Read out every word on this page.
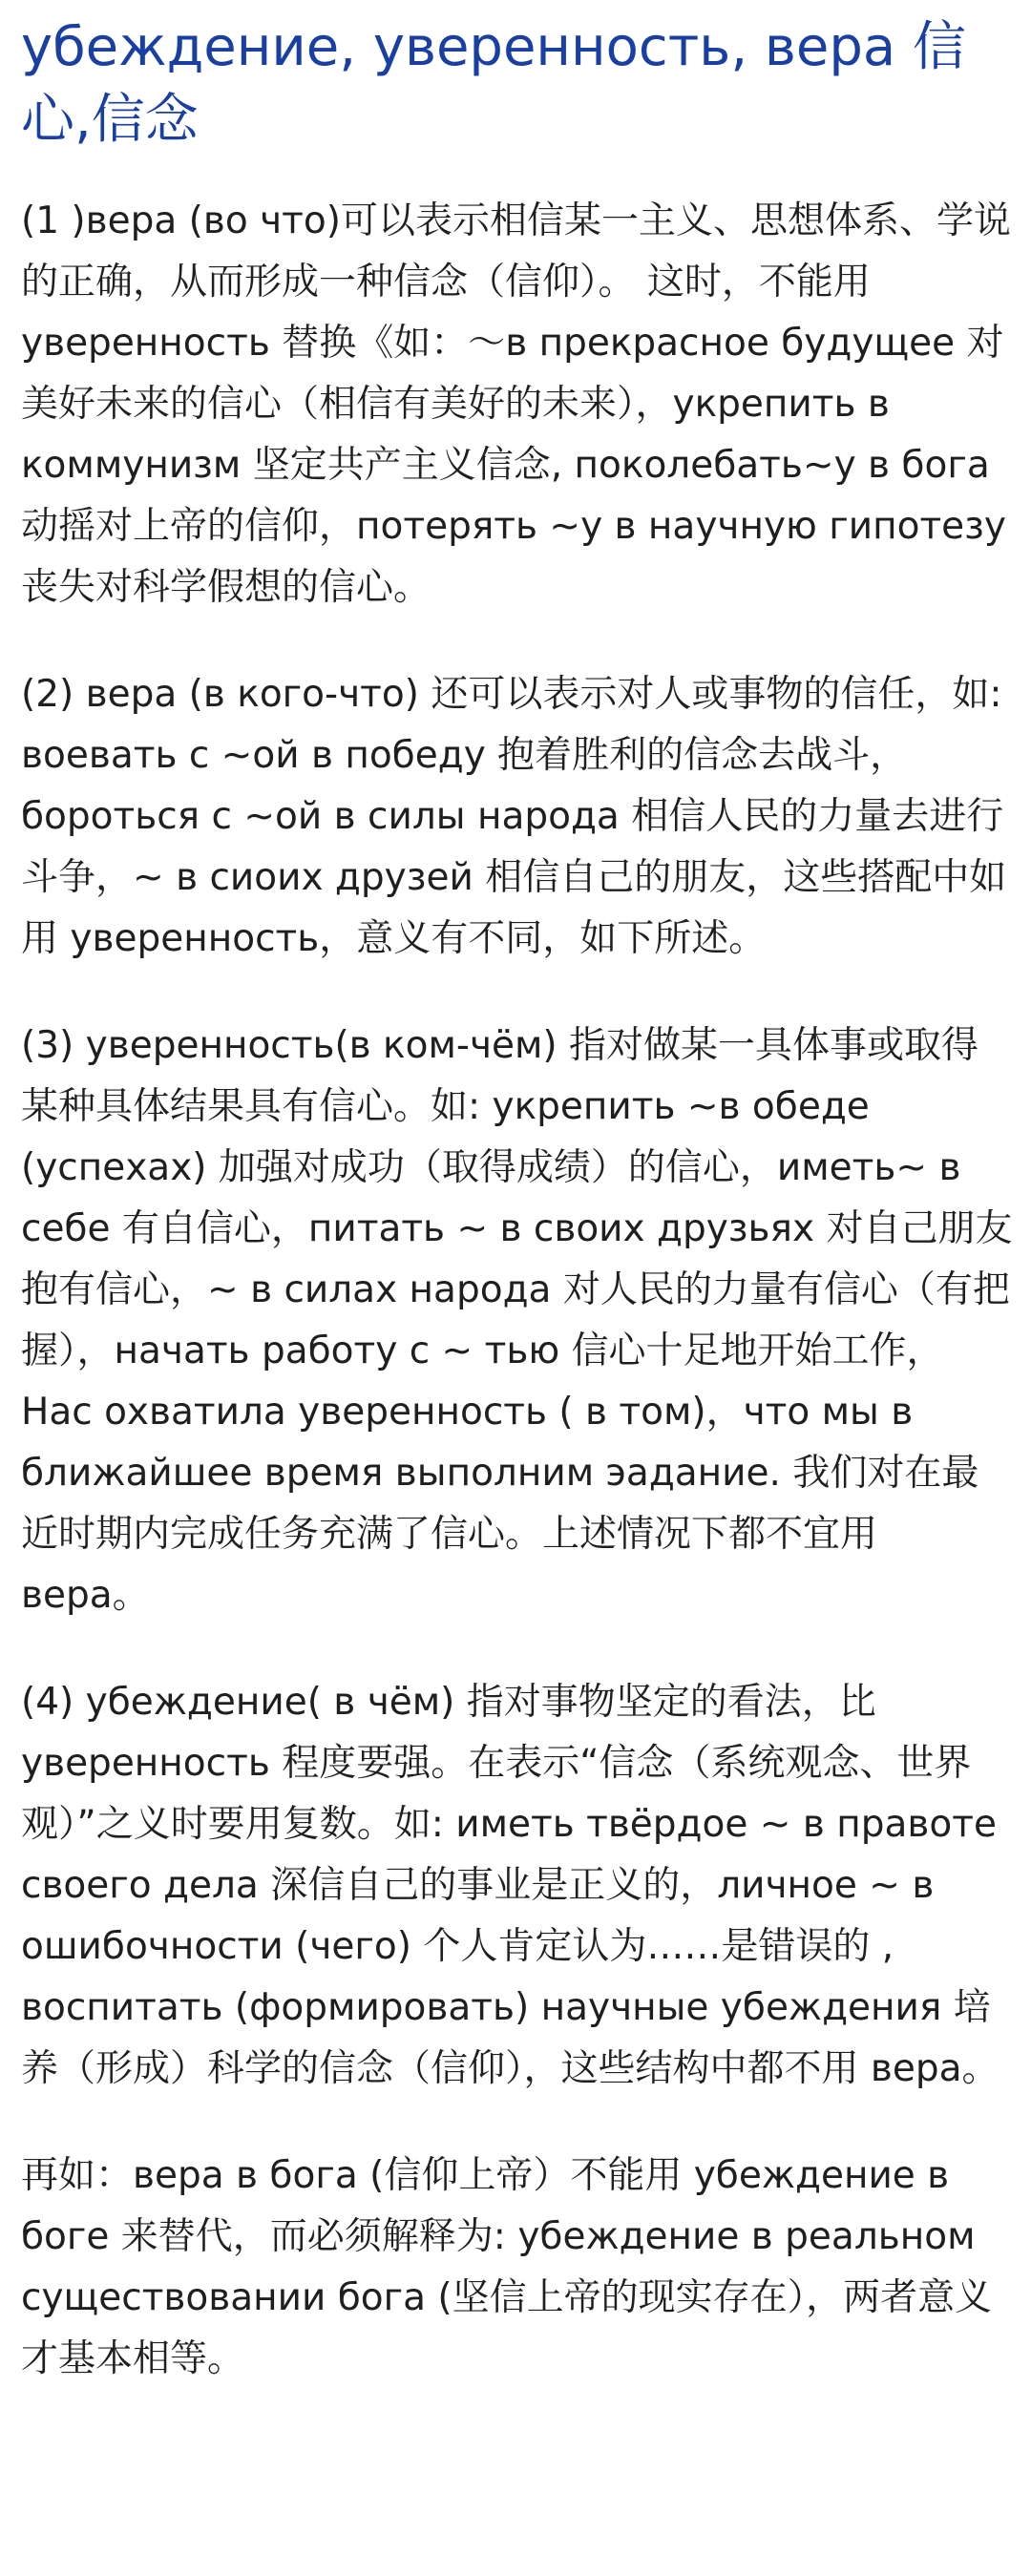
убеждение, уверенность, вера 信心,信念

(1 )вера (во что)可以表示相信某一主义、思想体系、学说的正确，从而形成一种信念（信仰）。 这时，不能用 уверенность 替换《如：～в прекрасное будущее 对美好未来的信心（相信有美好的未来），укрепить в коммунизм 坚定共产主义信念, поколебать~у в бога 动摇对上帝的信仰，потерять ~у в научную гипотезу 丧失对科学假想的信心。

(2) вера (в кого-что) 还可以表示对人或事物的信任，如: воевать с ~ой в победу 抱着胜利的信念去战斗，бороться с ~ой в силы народа 相信人民的力量去进行斗争，~ в сиоих друзей 相信自己的朋友，这些搭配中如用 уверенность，意义有不同，如下所述。

(3) уверенность(в ком-чём) 指对做某一具体事或取得某种具体结果具有信心。如: укрепить ~в обеде (успехах) 加强对成功（取得成绩）的信心，иметь~ в себе 有自信心，питать ~ в своих друзьях 对自己朋友抱有信心，~ в силах народа 对人民的力量有信心（有把握），начать работу с ~ тью 信心十足地开始工作， Нас охватила уверенность ( в том)，что мы в ближайшее время выполним эадание. 我们对在最近时期内完成任务充满了信心。上述情况下都不宜用 вера。

(4) убеждение( в чём) 指对事物坚定的看法，比 уверенность 程度要强。在表示“信念（系统观念、世界观）”之义时要用复数。如: иметь твёрдое ~ в правоте своего дела 深信自己的事业是正义的，личное ~ в ошибочности (чего) 个人肯定认为……是错误的 , воспитать (формировать) научные убеждения 培养（形成）科学的信念（信仰），这些结构中都不用 вера。

再如：вера в бога (信仰上帝）不能用 убеждение в боге 来替代，而必须解释为: убеждение в реальном существовании бога (坚信上帝的现实存在），两者意义才基本相等。
